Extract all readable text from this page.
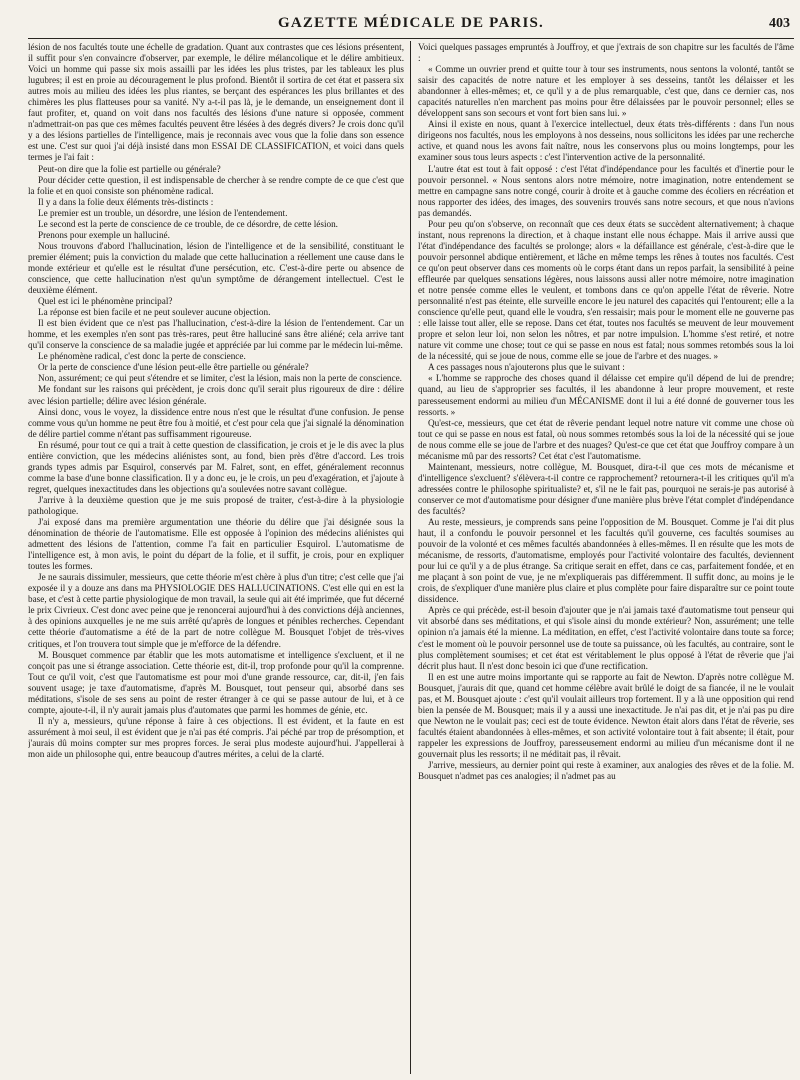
GAZETTE MÉDICALE DE PARIS.	403

lésion de nos facultés toute une échelle de gradation. Quant aux contrastes que ces lésions présentent, il suffit pour s'en convaincre d'observer, par exemple, le délire mélancolique et le délire ambitieux. Voici un homme qui passe six mois assailli par les idées les plus tristes, par les tableaux les plus lugubres; il est en proie au découragement le plus profond. Bientôt il sortira de cet état et passera six autres mois au milieu des idées les plus riantes, se berçant des espérances les plus brillantes et des chimères les plus flatteuses pour sa vanité. N'y a-t-il pas là, je le demande, un enseignement dont il faut profiter, et, quand on voit dans nos facultés des lésions d'une nature si opposée, comment n'admettrait-on pas que ces mêmes facultés peuvent être lésées à des degrés divers? Je crois donc qu'il y a des lésions partielles de l'intelligence, mais je reconnais avec vous que la folie dans son essence est une. C'est sur quoi j'ai déjà insisté dans mon ESSAI DE CLASSIFICATION, et voici dans quels termes je l'ai fait :

Peut-on dire que la folie est partielle ou générale?

Pour décider cette question, il est indispensable de chercher à se rendre compte de ce que c'est que la folie et en quoi consiste son phénomène radical.

Il y a dans la folie deux éléments très-distincts :

Le premier est un trouble, un désordre, une lésion de l'entendement.

Le second est la perte de conscience de ce trouble, de ce désordre, de cette lésion.

Prenons pour exemple un halluciné.

Nous trouvons d'abord l'hallucination, lésion de l'intelligence et de la sensibilité, constituant le premier élément; puis la conviction du malade que cette hallucination a réellement une cause dans le monde extérieur et qu'elle est le résultat d'une persécution, etc. C'est-à-dire perte ou absence de conscience, que cette hallucination n'est qu'un symptôme de dérangement intellectuel. C'est le deuxième élément.

Quel est ici le phénomène principal?

La réponse est bien facile et ne peut soulever aucune objection.

Il est bien évident que ce n'est pas l'hallucination, c'est-à-dire la lésion de l'entendement. Car un homme, et les exemples n'en sont pas très-rares, peut être halluciné sans être aliéné; cela arrive tant qu'il conserve la conscience de sa maladie jugée et appréciée par lui comme par le médecin lui-même.

Le phénomène radical, c'est donc la perte de conscience.

Or la perte de conscience d'une lésion peut-elle être partielle ou générale?

Non, assurément; ce qui peut s'étendre et se limiter, c'est la lésion, mais non la perte de conscience.

Me fondant sur les raisons qui précèdent, je crois donc qu'il serait plus rigoureux de dire : délire avec lésion partielle; délire avec lésion générale.

Ainsi donc, vous le voyez, la dissidence entre nous n'est que le résultat d'une confusion. Je pense comme vous qu'un homme ne peut être fou à moitié, et c'est pour cela que j'ai signalé la dénomination de délire partiel comme n'étant pas suffisamment rigoureuse.

En résumé, pour tout ce qui a trait à cette question de classification, je crois et je le dis avec la plus entière conviction, que les médecins aliénistes sont, au fond, bien près d'être d'accord. Les trois grands types admis par Esquirol, conservés par M. Falret, sont, en effet, généralement reconnus comme la base d'une bonne classification. Il y a donc eu, je le crois, un peu d'exagération, et j'ajoute à regret, quelques inexactitudes dans les objections qu'a soulevées notre savant collègue.

J'arrive à la deuxième question que je me suis proposé de traiter, c'est-à-dire à la physiologie pathologique.

J'ai exposé dans ma première argumentation une théorie du délire que j'ai désignée sous la dénomination de théorie de l'automatisme. Elle est opposée à l'opinion des médecins aliénistes qui admettent des lésions de l'attention, comme l'a fait en particulier Esquirol. L'automatisme de l'intelligence est, à mon avis, le point du départ de la folie, et il suffit, je crois, pour en expliquer toutes les formes.

Je ne saurais dissimuler, messieurs, que cette théorie m'est chère à plus d'un titre; c'est celle que j'ai exposée il y a douze ans dans ma PHYSIOLOGIE DES HALLUCINATIONS. C'est elle qui en est la base, et c'est à cette partie physiologique de mon travail, la seule qui ait été imprimée, que fut décerné le prix Civrieux. C'est donc avec peine que je renoncerai aujourd'hui à des convictions déjà anciennes, à des opinions auxquelles je ne me suis arrêté qu'après de longues et pénibles recherches. Cependant cette théorie d'automatisme a été de la part de notre collègue M. Bousquet l'objet de très-vives critiques, et l'on trouvera tout simple que je m'efforce de la défendre.

M. Bousquet commence par établir que les mots automatisme et intelligence s'excluent, et il ne conçoit pas une si étrange association. Cette théorie est, dit-il, trop profonde pour qu'il la comprenne. Tout ce qu'il voit, c'est que l'automatisme est pour moi d'une grande ressource, car, dit-il, j'en fais souvent usage; je taxe d'automatisme, d'après M. Bousquet, tout penseur qui, absorbé dans ses méditations, s'isole de ses sens au point de rester étranger à ce qui se passe autour de lui, et à ce compte, ajoute-t-il, il n'y aurait jamais plus d'automates que parmi les hommes de génie, etc.

Il n'y a, messieurs, qu'une réponse à faire à ces objections. Il est évident, et la faute en est assurément à moi seul, il est évident que je n'ai pas été compris. J'ai péché par trop de présomption, et j'aurais dû moins compter sur mes propres forces. Je serai plus modeste aujourd'hui. J'appellerai à mon aide un philosophe qui, entre beaucoup d'autres mérites, a celui de la clarté.

Voici quelques passages empruntés à Jouffroy, et que j'extrais de son chapitre sur les facultés de l'âme :

« Comme un ouvrier prend et quitte tour à tour ses instruments, nous sentons la volonté, tantôt se saisir des capacités de notre nature et les employer à ses desseins, tantôt les délaisser et les abandonner à elles-mêmes; et, ce qu'il y a de plus remarquable, c'est que, dans ce dernier cas, nos capacités naturelles n'en marchent pas moins pour être délaissées par le pouvoir personnel; elles se développent sans son secours et vont fort bien sans lui. »

Ainsi il existe en nous, quant à l'exercice intellectuel, deux états très-différents : dans l'un nous dirigeons nos facultés, nous les employons à nos desseins, nous sollicitons les idées par une recherche active, et quand nous les avons fait naître, nous les conservons plus ou moins longtemps, pour les examiner sous tous leurs aspects : c'est l'intervention active de la personnalité.

L'autre état est tout à fait opposé : c'est l'état d'indépendance pour les facultés et d'inertie pour le pouvoir personnel. « Nous sentons alors notre mémoire, notre imagination, notre entendement se mettre en campagne sans notre congé, courir à droite et à gauche comme des écoliers en récréation et nous rapporter des idées, des images, des souvenirs trouvés sans notre secours, et que nous n'avions pas demandés.

Pour peu qu'on s'observe, on reconnaît que ces deux états se succèdent alternativement; à chaque instant, nous reprenons la direction, et à chaque instant elle nous échappe. Mais il arrive aussi que l'état d'indépendance des facultés se prolonge; alors « la défaillance est générale, c'est-à-dire que le pouvoir personnel abdique entièrement, et lâche en même temps les rênes à toutes nos facultés. C'est ce qu'on peut observer dans ces moments où le corps étant dans un repos parfait, la sensibilité à peine effleurée par quelques sensations légères, nous laissons aussi aller notre mémoire, notre imagination et notre pensée comme elles le veulent, et tombons dans ce qu'on appelle l'état de rêverie. Notre personnalité n'est pas éteinte, elle surveille encore le jeu naturel des capacités qui l'entourent; elle a la conscience qu'elle peut, quand elle le voudra, s'en ressaisir; mais pour le moment elle ne gouverne pas : elle laisse tout aller, elle se repose. Dans cet état, toutes nos facultés se meuvent de leur mouvement propre et selon leur loi, non selon les nôtres, et par notre impulsion. L'homme s'est retiré, et notre nature vit comme une chose; tout ce qui se passe en nous est fatal; nous sommes retombés sous la loi de la nécessité, qui se joue de nous, comme elle se joue de l'arbre et des nuages. »

A ces passages nous n'ajouterons plus que le suivant :

« L'homme se rapproche des choses quand il délaisse cet empire qu'il dépend de lui de prendre; quand, au lieu de s'approprier ses facultés, il les abandonne à leur propre mouvement, et reste paresseusement endormi au milieu d'un MÉCANISME dont il lui a été donné de gouverner tous les ressorts. »

Qu'est-ce, messieurs, que cet état de rêverie pendant lequel notre nature vit comme une chose où tout ce qui se passe en nous est fatal, où nous sommes retombés sous la loi de la nécessité qui se joue de nous comme elle se joue de l'arbre et des nuages? Qu'est-ce que cet état que Jouffroy compare à un mécanisme mû par des ressorts? Cet état c'est l'automatisme.

Maintenant, messieurs, notre collègue, M. Bousquet, dira-t-il que ces mots de mécanisme et d'intelligence s'excluent? s'élèvera-t-il contre ce rapprochement? retournera-t-il les critiques qu'il m'a adressées contre le philosophe spiritualiste? et, s'il ne le fait pas, pourquoi ne serais-je pas autorisé à conserver ce mot d'automatisme pour désigner d'une manière plus brève l'état complet d'indépendance des facultés?

Au reste, messieurs, je comprends sans peine l'opposition de M. Bousquet. Comme je l'ai dit plus haut, il a confondu le pouvoir personnel et les facultés qu'il gouverne, ces facultés soumises au pouvoir de la volonté et ces mêmes facultés abandonnées à elles-mêmes. Il en résulte que les mots de mécanisme, de ressorts, d'automatisme, employés pour l'activité volontaire des facultés, deviennent pour lui ce qu'il y a de plus étrange. Sa critique serait en effet, dans ce cas, parfaitement fondée, et en me plaçant à son point de vue, je ne m'expliquerais pas différemment. Il suffit donc, au moins je le crois, de s'expliquer d'une manière plus claire et plus complète pour faire disparaître sur ce point toute dissidence.

Après ce qui précède, est-il besoin d'ajouter que je n'ai jamais taxé d'automatisme tout penseur qui vit absorbé dans ses méditations, et qui s'isole ainsi du monde extérieur? Non, assurément; une telle opinion n'a jamais été la mienne. La méditation, en effet, c'est l'activité volontaire dans toute sa force; c'est le moment où le pouvoir personnel use de toute sa puissance, où les facultés, au contraire, sont le plus complètement soumises; et cet état est véritablement le plus opposé à l'état de rêverie que j'ai décrit plus haut. Il n'est donc besoin ici que d'une rectification.

Il en est une autre moins importante qui se rapporte au fait de Newton. D'après notre collègue M. Bousquet, j'aurais dit que, quand cet homme célèbre avait brûlé le doigt de sa fiancée, il ne le voulait pas, et M. Bousquet ajoute : c'est qu'il voulait ailleurs trop fortement. Il y a là une opposition qui rend bien la pensée de M. Bousquet; mais il y a aussi une inexactitude. Je n'ai pas dit, et je n'ai pas pu dire que Newton ne le voulait pas; ceci est de toute évidence. Newton était alors dans l'état de rêverie, ses facultés étaient abandonnées à elles-mêmes, et son activité volontaire tout à fait absente; il était, pour rappeler les expressions de Jouffroy, paresseusement endormi au milieu d'un mécanisme dont il ne gouvernait plus les ressorts; il ne méditait pas, il rêvait.

J'arrive, messieurs, au dernier point qui reste à examiner, aux analogies des rêves et de la folie. M. Bousquet n'admet pas ces analogies; il n'admet pas au
